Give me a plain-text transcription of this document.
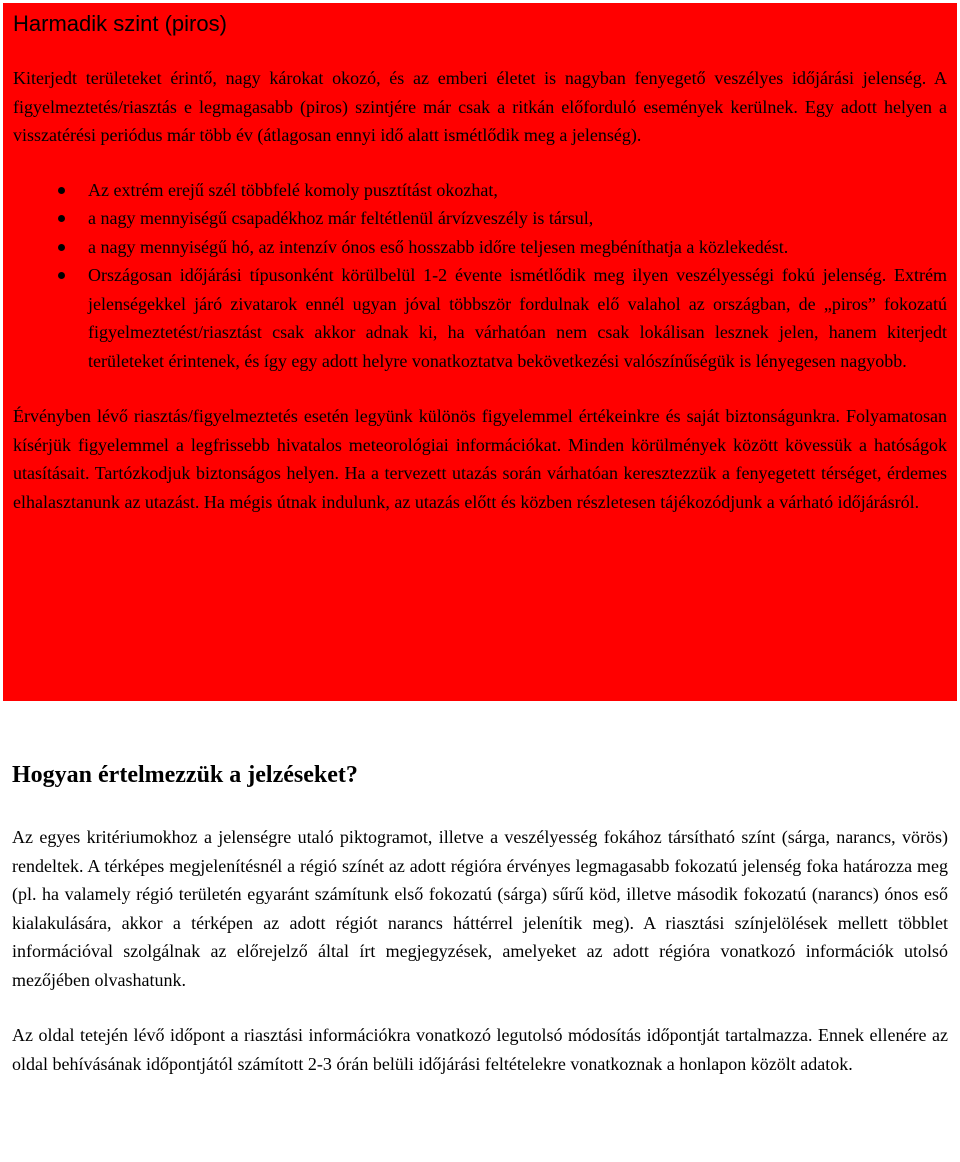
Harmadik szint (piros)

Kiterjedt területeket érintő, nagy károkat okozó, és az emberi életet is nagyban fenyegető veszélyes időjárási jelenség. A figyelmeztetés/riasztás e legmagasabb (piros) szintjére már csak a ritkán előforduló események kerülnek. Egy adott helyen a visszatérési periódus már több év (átlagosan ennyi idő alatt ismétlődik meg a jelenség).

Az extrém erejű szél többfelé komoly pusztítást okozhat,
a nagy mennyiségű csapadékhoz már feltétlenül árvízveszély is társul,
a nagy mennyiségű hó, az intenzív ónos eső hosszabb időre teljesen megbéníthatja a közlekedést.
Országosan időjárási típusonként körülbelül 1-2 évente ismétlődik meg ilyen veszélyességi fokú jelenség. Extrém jelenségekkel járó zivatarok ennél ugyan jóval többször fordulnak elő valahol az országban, de „piros” fokozatú figyelmeztetést/riasztást csak akkor adnak ki, ha várhatóan nem csak lokálisan lesznek jelen, hanem kiterjedt területeket érintenek, és így egy adott helyre vonatkoztatva bekövetkezési valószínűségük is lényegesen nagyobb.

Érvényben lévő riasztás/figyelmeztetés esetén legyünk különös figyelemmel értékeinkre és saját biztonságunkra. Folyamatosan kísérjük figyelemmel a legfrissebb hivatalos meteorológiai információkat. Minden körülmények között kövessük a hatóságok utasításait. Tartózkodjuk biztonságos helyen. Ha a tervezett utazás során várhatóan keresztezzük a fenyegetett térséget, érdemes elhalasztanunk az utazást. Ha mégis útnak indulunk, az utazás előtt és közben részletesen tájékozódjunk a várható időjárásról.

Hogyan értelmezzük a jelzéseket?

Az egyes kritériumokhoz a jelenségre utaló piktogramot, illetve a veszélyesség fokához társítható színt (sárga, narancs, vörös) rendeltek. A térképes megjelenítésnél a régió színét az adott régióra érvényes legmagasabb fokozatú jelenség foka határozza meg (pl. ha valamely régió területén egyaránt számítunk első fokozatú (sárga) sűrű köd, illetve második fokozatú (narancs) ónos eső kialakulására, akkor a térképen az adott régiót narancs háttérrel jelenítik meg). A riasztási színjelölések mellett többlet információval szolgálnak az előrejelző által írt megjegyzések, amelyeket az adott régióra vonatkozó információk utolsó mezőjében olvashatunk.

Az oldal tetején lévő időpont a riasztási információkra vonatkozó legutolsó módosítás időpontját tartalmazza. Ennek ellenére az oldal behívásának időpontjától számított 2-3 órán belüli időjárási feltételekre vonatkoznak a honlapon közölt adatok.
